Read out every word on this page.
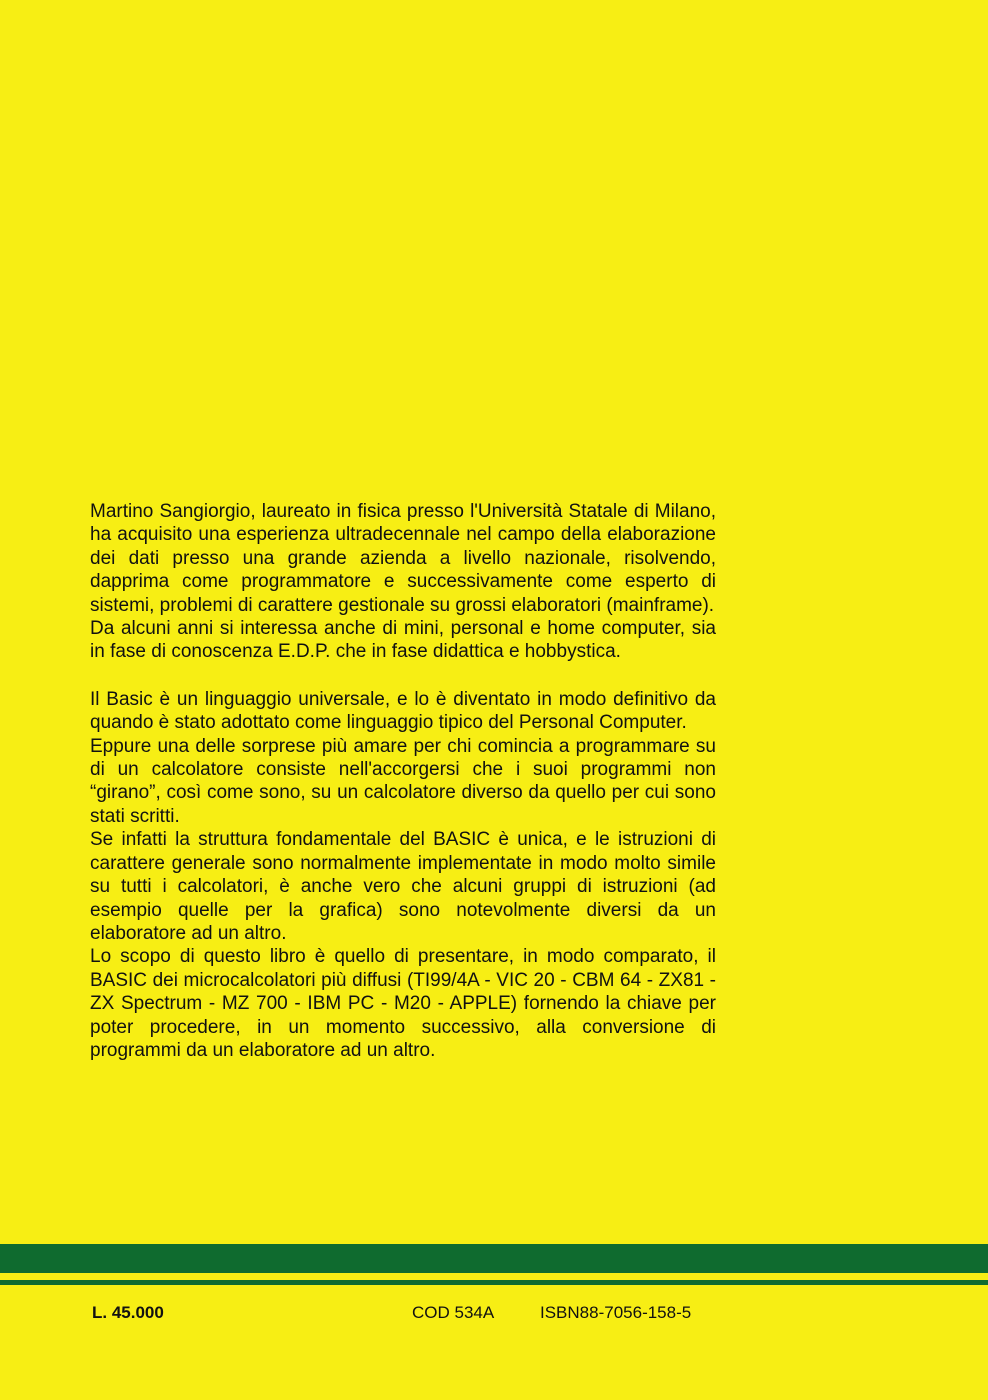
Martino Sangiorgio, laureato in fisica presso l'Università Statale di Milano, ha acquisito una esperienza ultradecennale nel campo della elaborazione dei dati presso una grande azienda a livello nazionale, risolvendo, dapprima come programmatore e successivamente come esperto di sistemi, problemi di carattere gestionale su grossi elaboratori (mainframe).

Da alcuni anni si interessa anche di mini, personal e home computer, sia in fase di conoscenza E.D.P. che in fase didattica e hobbystica.

Il Basic è un linguaggio universale, e lo è diventato in modo definitivo da quando è stato adottato come linguaggio tipico del Personal Computer.

Eppure una delle sorprese più amare per chi comincia a programmare su di un calcolatore consiste nell'accorgersi che i suoi programmi non “girano”, così come sono, su un calcolatore diverso da quello per cui sono stati scritti.

Se infatti la struttura fondamentale del BASIC è unica, e le istruzioni di carattere generale sono normalmente implementate in modo molto simile su tutti i calcolatori, è anche vero che alcuni gruppi di istruzioni (ad esempio quelle per la grafica) sono notevolmente diversi da un elaboratore ad un altro.

Lo scopo di questo libro è quello di presentare, in modo comparato, il BASIC dei microcalcolatori più diffusi (TI99/4A - VIC 20 - CBM 64 - ZX81 - ZX Spectrum - MZ 700 - IBM PC - M20 - APPLE) fornendo la chiave per poter procedere, in un momento successivo, alla conversione di programmi da un elaboratore ad un altro.

L. 45.000	COD 534A	ISBN88-7056-158-5
